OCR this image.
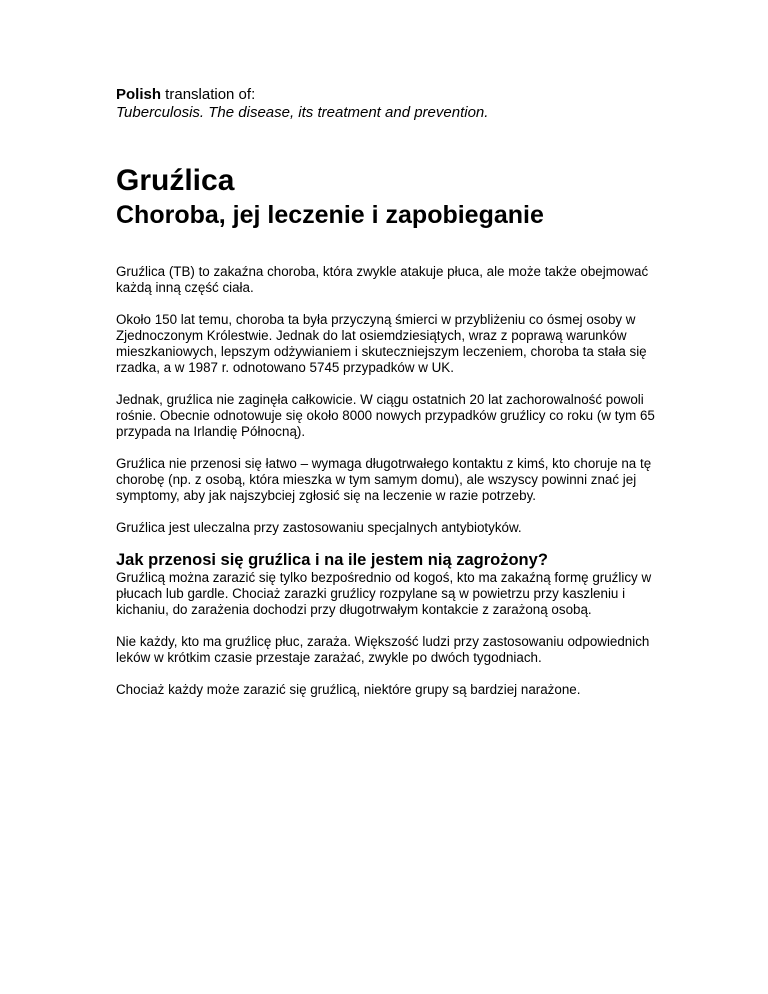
Polish translation of:

Tuberculosis. The disease, its treatment and prevention.

Gruźlica
Choroba, jej leczenie i zapobieganie

Gruźlica (TB) to zakaźna choroba, która zwykle atakuje płuca, ale może także obejmować każdą inną część ciała.

Około 150 lat temu, choroba ta była przyczyną śmierci w przybliżeniu co ósmej osoby w Zjednoczonym Królestwie. Jednak do lat osiemdziesiątych, wraz z poprawą warunków mieszkaniowych, lepszym odżywianiem i skuteczniejszym leczeniem, choroba ta stała się rzadka, a w 1987 r. odnotowano 5745 przypadków w UK.

Jednak, gruźlica nie zaginęła całkowicie. W ciągu ostatnich 20 lat zachorowalność powoli rośnie. Obecnie odnotowuje się około 8000 nowych przypadków gruźlicy co roku (w tym 65 przypada na Irlandię Północną).

Gruźlica nie przenosi się łatwo – wymaga długotrwałego kontaktu z kimś, kto choruje na tę chorobę (np. z osobą, która mieszka w tym samym domu), ale wszyscy powinni znać jej symptomy, aby jak najszybciej zgłosić się na leczenie w razie potrzeby.

Gruźlica jest uleczalna przy zastosowaniu specjalnych antybiotyków.

Jak przenosi się gruźlica i na ile jestem nią zagrożony?

Gruźlicą można zarazić się tylko bezpośrednio od kogoś, kto ma zakaźną formę gruźlicy w płucach lub gardle. Chociaż zarazki gruźlicy rozpylane są w powietrzu przy kaszleniu i kichaniu, do zarażenia dochodzi przy długotrwałym kontakcie z zarażoną osobą.

Nie każdy, kto ma gruźlicę płuc, zaraża. Większość ludzi przy zastosowaniu odpowiednich leków w krótkim czasie przestaje zarażać, zwykle po dwóch tygodniach.

Chociaż każdy może zarazić się gruźlicą, niektóre grupy są bardziej narażone.
